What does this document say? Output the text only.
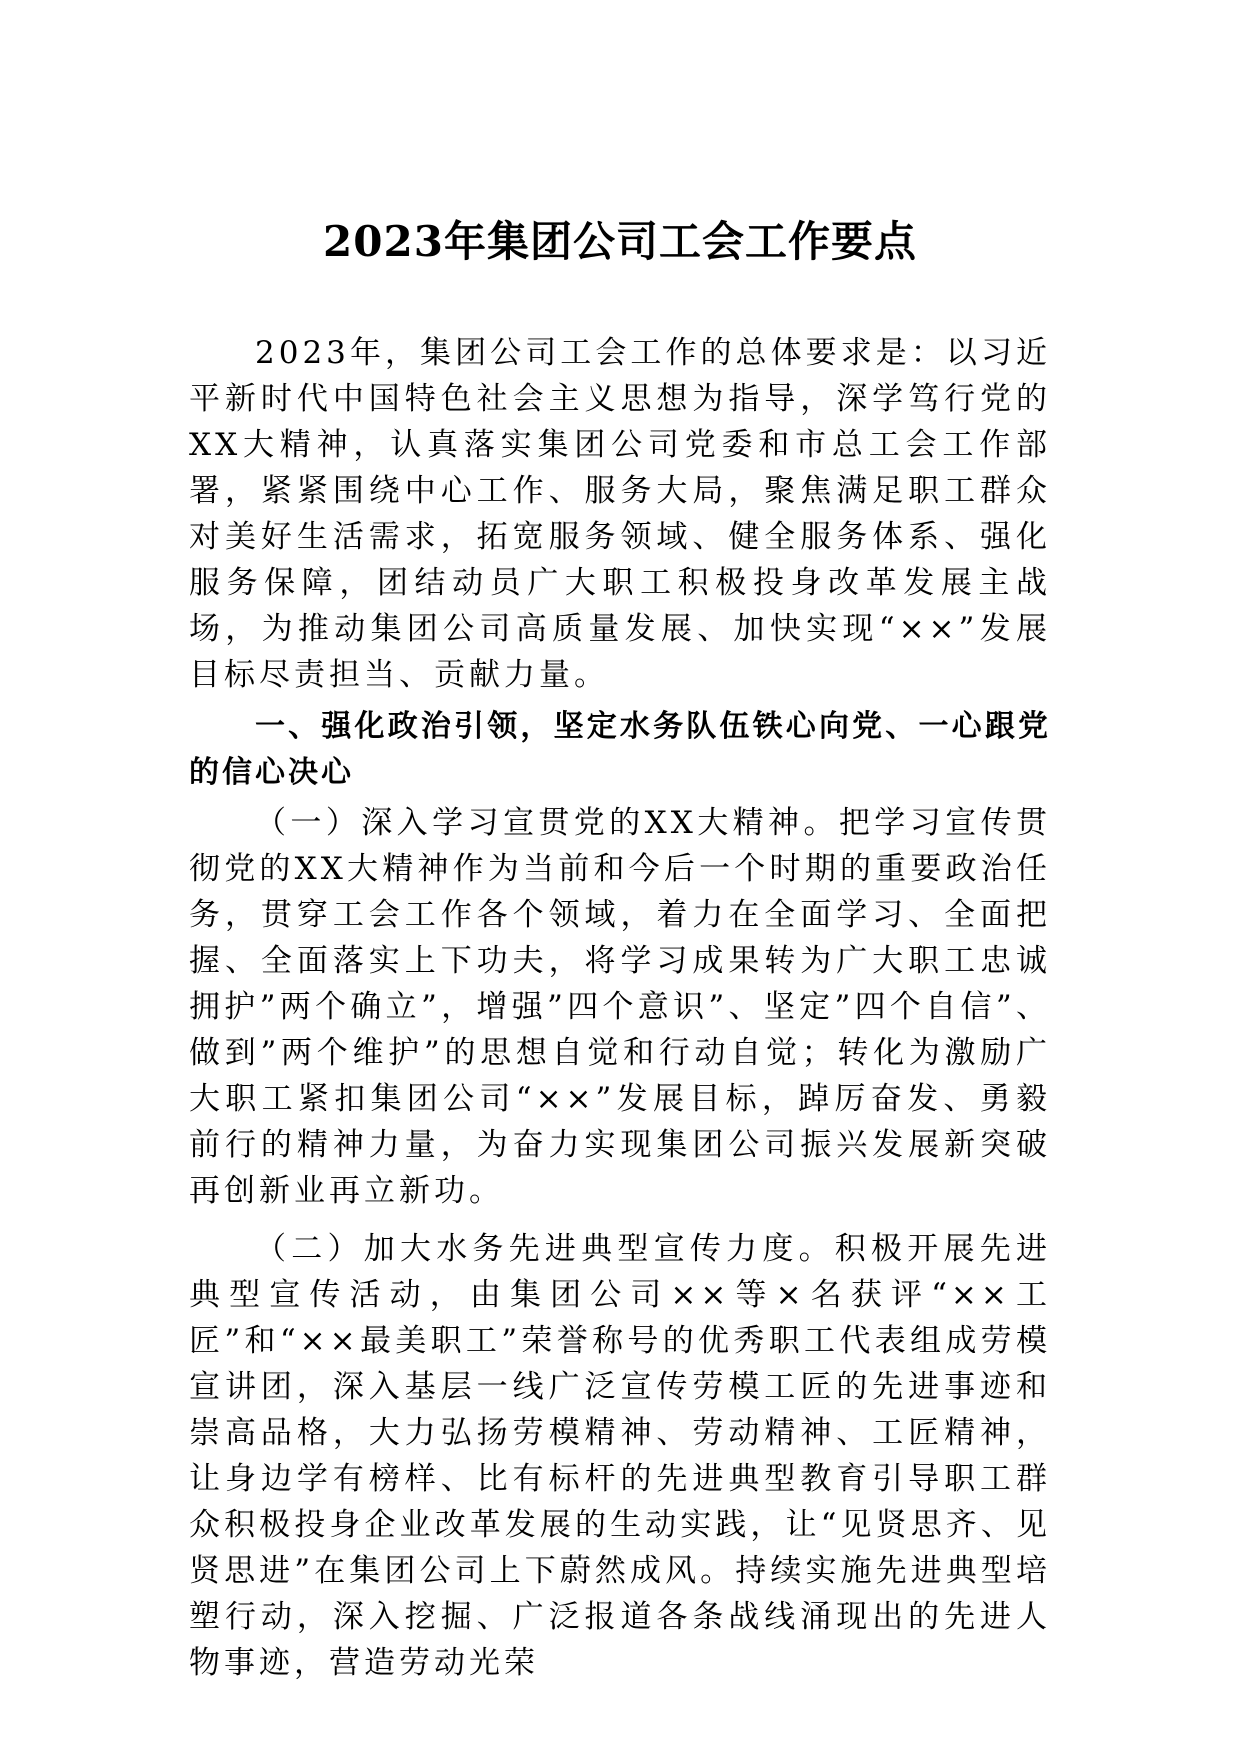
2023年集团公司工会工作要点

2023年，集团公司工会工作的总体要求是：以习近平新时代中国特色社会主义思想为指导，深学笃行党的XX大精神，认真落实集团公司党委和市总工会工作部署，紧紧围绕中心工作、服务大局，聚焦满足职工群众对美好生活需求，拓宽服务领域、健全服务体系、强化服务保障，团结动员广大职工积极投身改革发展主战场，为推动集团公司高质量发展、加快实现“××”发展目标尽责担当、贡献力量。

一、强化政治引领，坚定水务队伍铁心向党、一心跟党的信心决心

（一）深入学习宣贯党的XX大精神。把学习宣传贯彻党的XX大精神作为当前和今后一个时期的重要政治任务，贯穿工会工作各个领域，着力在全面学习、全面把握、全面落实上下功夫，将学习成果转为广大职工忠诚拥护”两个确立”，增强”四个意识”、坚定”四个自信”、做到”两个维护”的思想自觉和行动自觉；转化为激励广大职工紧扣集团公司“××”发展目标，踔厉奋发、勇毅前行的精神力量，为奋力实现集团公司振兴发展新突破再创新业再立新功。

（二）加大水务先进典型宣传力度。积极开展先进典型宣传活动，由集团公司××等×名获评“××工匠”和“××最美职工”荣誉称号的优秀职工代表组成劳模宣讲团，深入基层一线广泛宣传劳模工匠的先进事迹和崇高品格，大力弘扬劳模精神、劳动精神、工匠精神，让身边学有榜样、比有标杆的先进典型教育引导职工群众积极投身企业改革发展的生动实践，让“见贤思齐、见贤思进”在集团公司上下蔚然成风。持续实施先进典型培塑行动，深入挖掘、广泛报道各条战线涌现出的先进人物事迹，营造劳动光荣
